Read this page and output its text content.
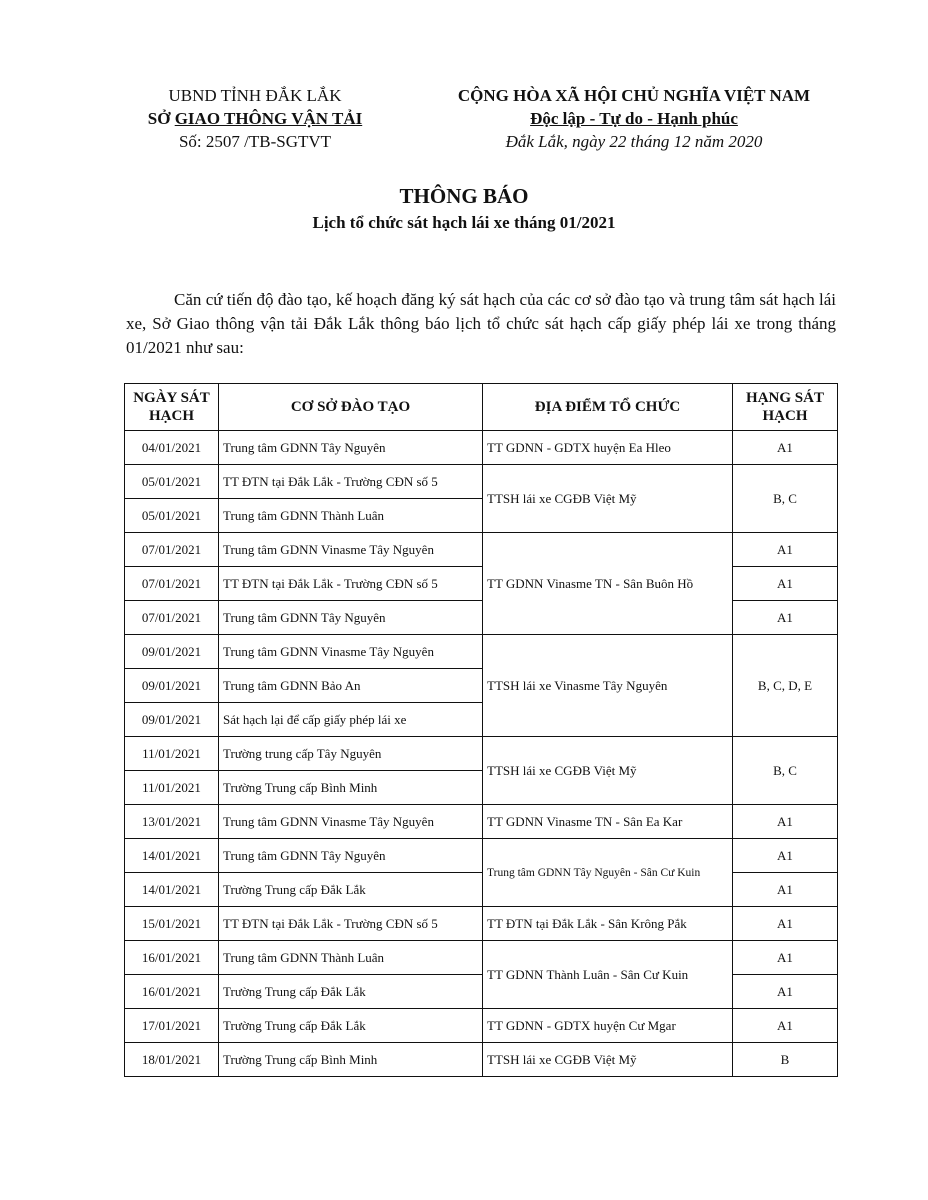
UBND TỈNH ĐẮK LẮK
SỞ GIAO THÔNG VẬN TẢI
Số: 2507 /TB-SGTVT
CỘNG HÒA XÃ HỘI CHỦ NGHĨA VIỆT NAM
Độc lập - Tự do - Hạnh phúc
Đắk Lắk, ngày 22 tháng 12 năm 2020
THÔNG BÁO
Lịch tổ chức sát hạch lái xe tháng 01/2021
Căn cứ tiến độ đào tạo, kế hoạch đăng ký sát hạch của các cơ sở đào tạo và trung tâm sát hạch lái xe, Sở Giao thông vận tải Đắk Lắk thông báo lịch tổ chức sát hạch cấp giấy phép lái xe trong tháng 01/2021 như sau:
NGÀY SÁT HẠCH	CƠ SỞ ĐÀO TẠO	ĐỊA ĐIỂM TỔ CHỨC	HẠNG SÁT HẠCH
04/01/2021	Trung tâm GDNN Tây Nguyên	TT GDNN - GDTX huyện Ea Hleo	A1
05/01/2021	TT ĐTN tại Đắk Lắk - Trường CĐN số 5	TTSH lái xe CGĐB Việt Mỹ	B, C
05/01/2021	Trung tâm GDNN Thành Luân		
07/01/2021	Trung tâm GDNN Vinasme Tây Nguyên	TT GDNN Vinasme TN - Sân Buôn Hồ	A1
07/01/2021	TT ĐTN tại Đắk Lắk - Trường CĐN số 5		A1
07/01/2021	Trung tâm GDNN Tây Nguyên		A1
09/01/2021	Trung tâm GDNN Vinasme Tây Nguyên	TTSH lái xe Vinasme Tây Nguyên	B, C, D, E
09/01/2021	Trung tâm GDNN Bảo An		
09/01/2021	Sát hạch lại để cấp giấy phép lái xe		
11/01/2021	Trường trung cấp Tây Nguyên	TTSH lái xe CGĐB Việt Mỹ	B, C
11/01/2021	Trường Trung cấp Bình Minh		
13/01/2021	Trung tâm GDNN Vinasme Tây Nguyên	TT GDNN Vinasme TN - Sân Ea Kar	A1
14/01/2021	Trung tâm GDNN Tây Nguyên	Trung tâm GDNN Tây Nguyên - Sân Cư Kuin	A1
14/01/2021	Trường Trung cấp Đắk Lắk		A1
15/01/2021	TT ĐTN tại Đắk Lắk - Trường CĐN số 5	TT ĐTN tại Đắk Lắk - Sân Krông Pắk	A1
16/01/2021	Trung tâm GDNN Thành Luân	TT GDNN Thành Luân - Sân Cư Kuin	A1
16/01/2021	Trường Trung cấp Đắk Lắk		A1
17/01/2021	Trường Trung cấp Đắk Lắk	TT GDNN - GDTX huyện Cư Mgar	A1
18/01/2021	Trường Trung cấp Bình Minh	TTSH lái xe CGĐB Việt Mỹ	B
